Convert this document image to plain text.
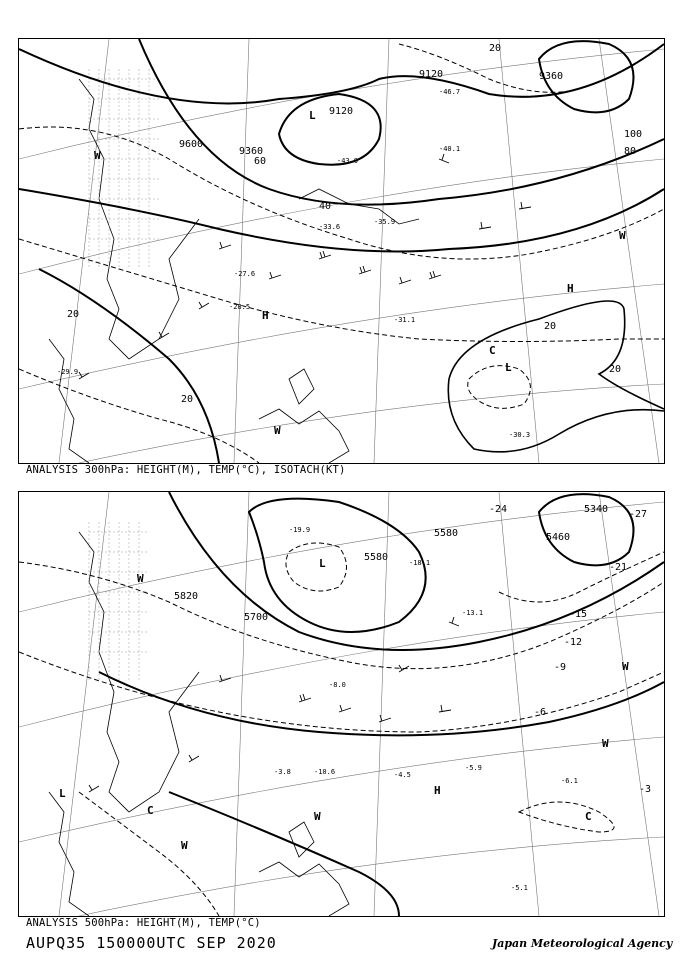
9600
9360
9120
9120	9360
20
40
60
80
100
20
20
20
20
L
H
H
L
C
W
W
W
-31.1
-30.3
-28.5
-27.6
-33.6
-35.9
-40.1
-43.9
-46.7
-29.9
ANALYSIS 300hPa: HEIGHT(M), TEMP(°C), ISOTACH(KT)
5580
5820
5700
5460
5340
5580
-24
-21
-15
-12
-9
-6
-3
-27
L
H
L
C	C
W
W
W
W
W
-4.5
-5.9
-6.1
-5.1
-13.1
-18.1
-19.9
-3.8	-10.6
-8.0
ANALYSIS 500hPa: HEIGHT(M), TEMP(°C)
AUPQ35 150000UTC SEP 2020	Japan Meteorological Agency
